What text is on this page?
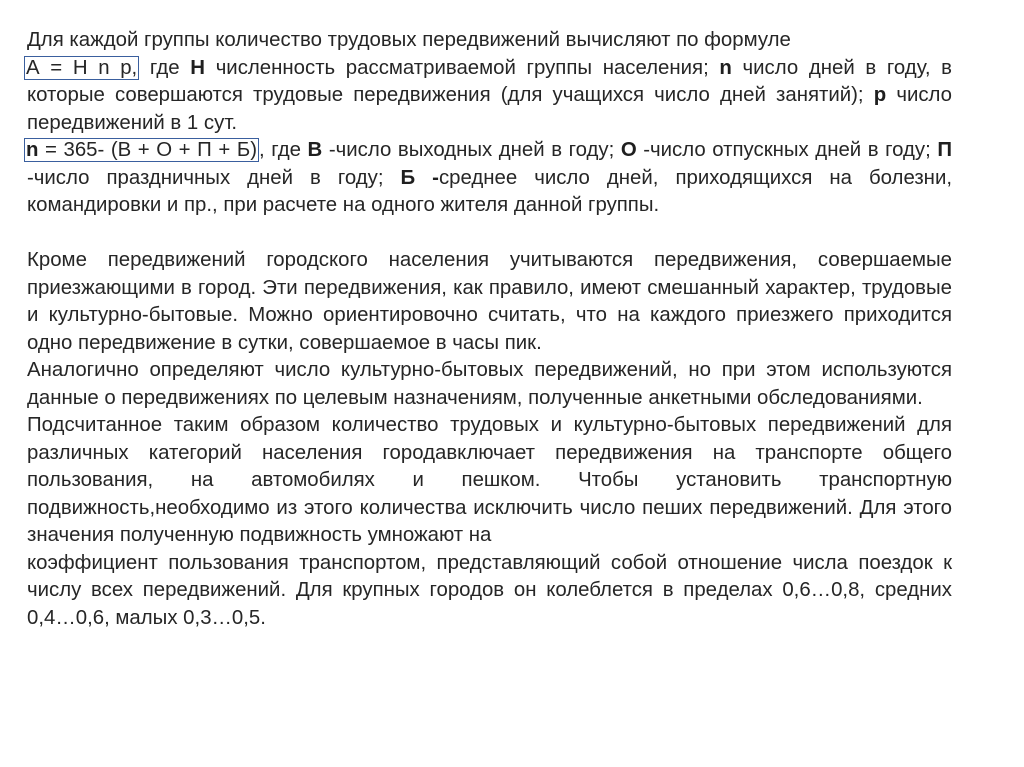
Для каждой группы количество трудовых передвижений вычисляют по формуле

А = Н n p, где Н численность рассматриваемой группы населения; n число дней в году, в которые совершаются трудовые передвижения (для учащихся число дней занятий); р число передвижений в 1 сут.

n = 365- (В + О + П + Б), где В -число выходных дней в году; О -число отпускных дней в году; П -число праздничных дней в году; Б -среднее число дней, приходящихся на болезни, командировки и пр., при расчете на одного жителя данной группы.

Кроме передвижений городского населения учитываются передвижения, совершаемые приезжающими в город. Эти передвижения, как правило, имеют смешанный характер, трудовые и культурно-бытовые. Можно ориентировочно считать, что на каждого приезжего приходится одно передвижение в сутки, совершаемое в часы пик.

Аналогично определяют число культурно-бытовых передвижений, но при этом используются данные о передвижениях по целевым назначениям, полученные анкетными обследованиями.

Подсчитанное таким образом количество трудовых и культурно-бытовых передвижений для различных категорий населения городавключает передвижения на транспорте общего пользования, на автомобилях и пешком. Чтобы установить транспортную подвижность,необходимо из этого количества исключить число пеших передвижений. Для этого значения полученную подвижность умножают на

коэффициент пользования транспортом, представляющий собой отношение числа поездок к числу всех передвижений. Для крупных городов он колеблется в пределах 0,6…0,8, средних 0,4…0,6, малых 0,3…0,5.
